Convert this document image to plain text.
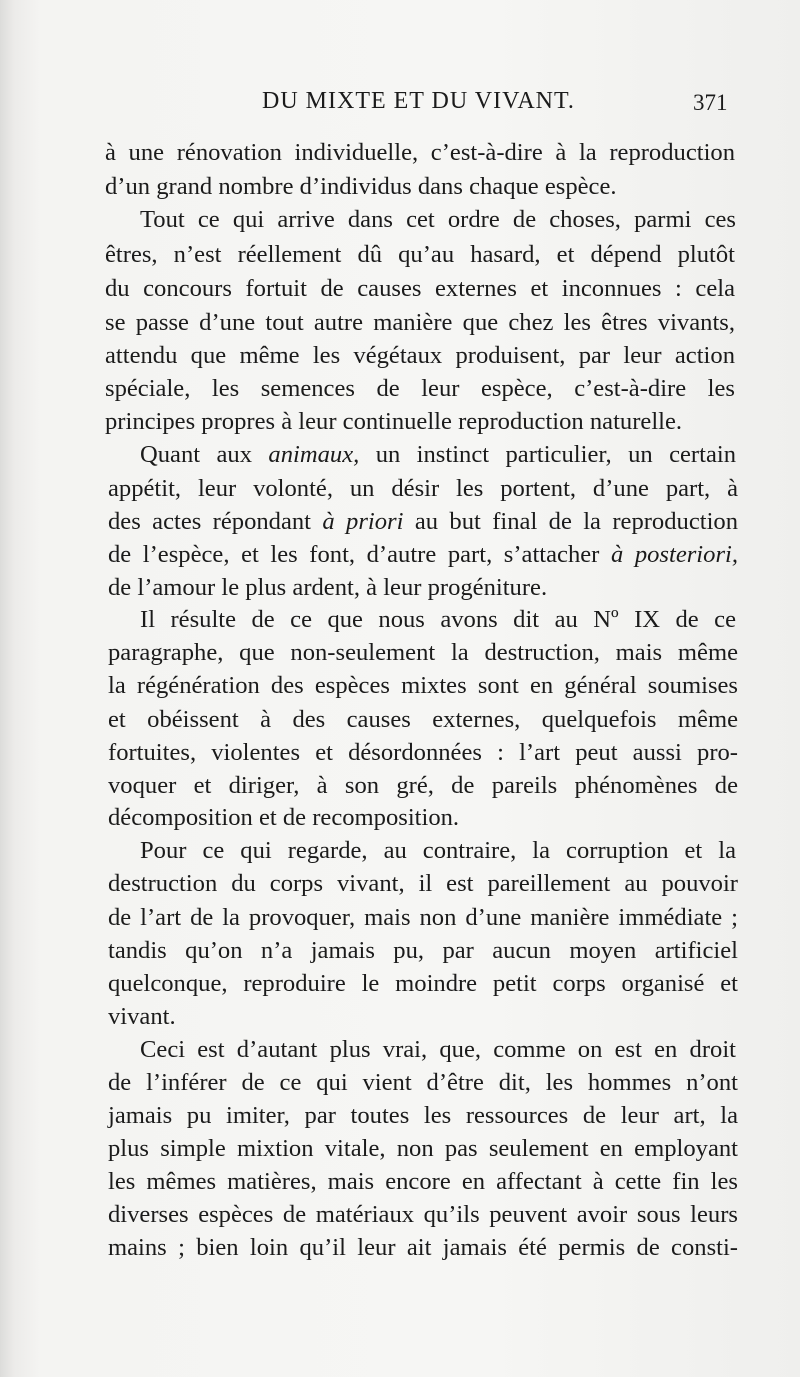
DU MIXTE ET DU VIVANT.	371
à une rénovation individuelle, c’est-à-dire à la reproduction
d’un grand nombre d’individus dans chaque espèce.
Tout ce qui arrive dans cet ordre de choses, parmi ces
êtres, n’est réellement dû qu’au hasard, et dépend plutôt
du concours fortuit de causes externes et inconnues : cela
se passe d’une tout autre manière que chez les êtres vivants,
attendu que même les végétaux produisent, par leur action
spéciale, les semences de leur espèce, c’est-à-dire les
principes propres à leur continuelle reproduction naturelle.
Quant aux animaux, un instinct particulier, un certain
appétit, leur volonté, un désir les portent, d’une part, à
des actes répondant à priori au but final de la reproduction
de l’espèce, et les font, d’autre part, s’attacher à posteriori,
de l’amour le plus ardent, à leur progéniture.
Il résulte de ce que nous avons dit au Nº IX de ce
paragraphe, que non-seulement la destruction, mais même
la régénération des espèces mixtes sont en général soumises
et obéissent à des causes externes, quelquefois même
fortuites, violentes et désordonnées : l’art peut aussi pro-
voquer et diriger, à son gré, de pareils phénomènes de
décomposition et de recomposition.
Pour ce qui regarde, au contraire, la corruption et la
destruction du corps vivant, il est pareillement au pouvoir
de l’art de la provoquer, mais non d’une manière immédiate ;
tandis qu’on n’a jamais pu, par aucun moyen artificiel
quelconque, reproduire le moindre petit corps organisé et
vivant.
Ceci est d’autant plus vrai, que, comme on est en droit
de l’inférer de ce qui vient d’être dit, les hommes n’ont
jamais pu imiter, par toutes les ressources de leur art, la
plus simple mixtion vitale, non pas seulement en employant
les mêmes matières, mais encore en affectant à cette fin les
diverses espèces de matériaux qu’ils peuvent avoir sous leurs
mains ; bien loin qu’il leur ait jamais été permis de consti-
